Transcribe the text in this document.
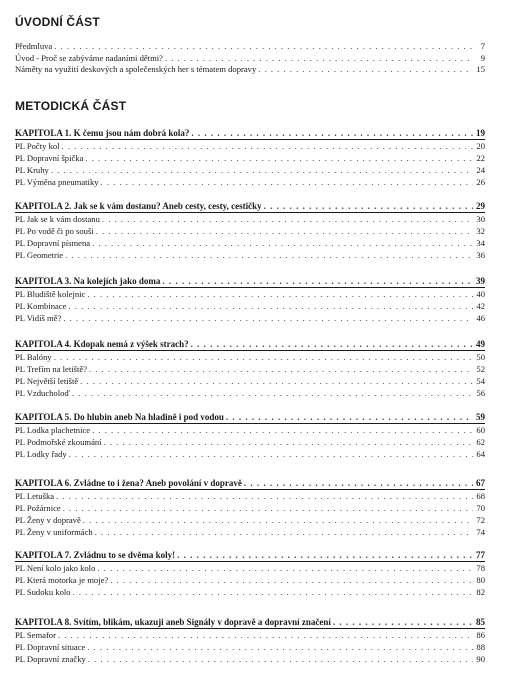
ÚVODNÍ ČÁST
Předmluva . . .	7
Úvod - Proč se zabýváme nadaními dětmi? . . .	9
Náměty na využití deskových a společenských her s tématem dopravy . . .	15
METODICKÁ ČÁST
KAPITOLA 1. K čemu jsou nám dobrá kola? . . .	19
PL Počty kol . . .	20
PL Dopravní špička . . .	22
PL Kruhy . . .	24
PL Výměna pneumatiky . . .	26
KAPITOLA 2. Jak se k vám dostanu? Aneb cesty, cesty, cestičky . . .	29
PL Jak se k vám dostanu . . .	30
PL Po vodě či po souši . . .	32
PL Dopravní písmena . . .	34
PL Geometrie . . .	36
KAPITOLA 3. Na kolejích jako doma . . .	39
PL Bludiště kolejnic . . .	40
PL Kombinace . . .	42
PL Vidíš mě? . . .	46
KAPITOLA 4. Kdopak nemá z výšek strach? . . .	49
PL Balóny . . .	50
PL Trefím na letiště? . . .	52
PL Největší letiště . . .	54
PL Vzducholoď . . .	56
KAPITOLA 5. Do hlubin aneb Na hladině i pod vodou . . .	59
PL Lodka plachetnice . . .	60
PL Podmořské zkoumání . . .	62
PL Lodky řady . . .	64
KAPITOLA 6. Zvládne to i žena? Aneb povolání v dopravě . . .	67
PL Letuška . . .	68
PL Požárnice . . .	70
PL Ženy v dopravě . . .	72
PL Ženy v uniformách . . .	74
KAPITOLA 7. Zvládnu to se dvěma koly! . . .	77
PL Není kolo jako kolo . . .	78
PL Která motorka je moje? . . .	80
PL Sudoku kolo . . .	82
KAPITOLA 8. Svítím, blikám, ukazuji aneb Signály v dopravě a dopravní značení . . .	85
PL Semafor . . .	86
PL Dopravní situace . . .	88
PL Dopravní značky . . .	90
